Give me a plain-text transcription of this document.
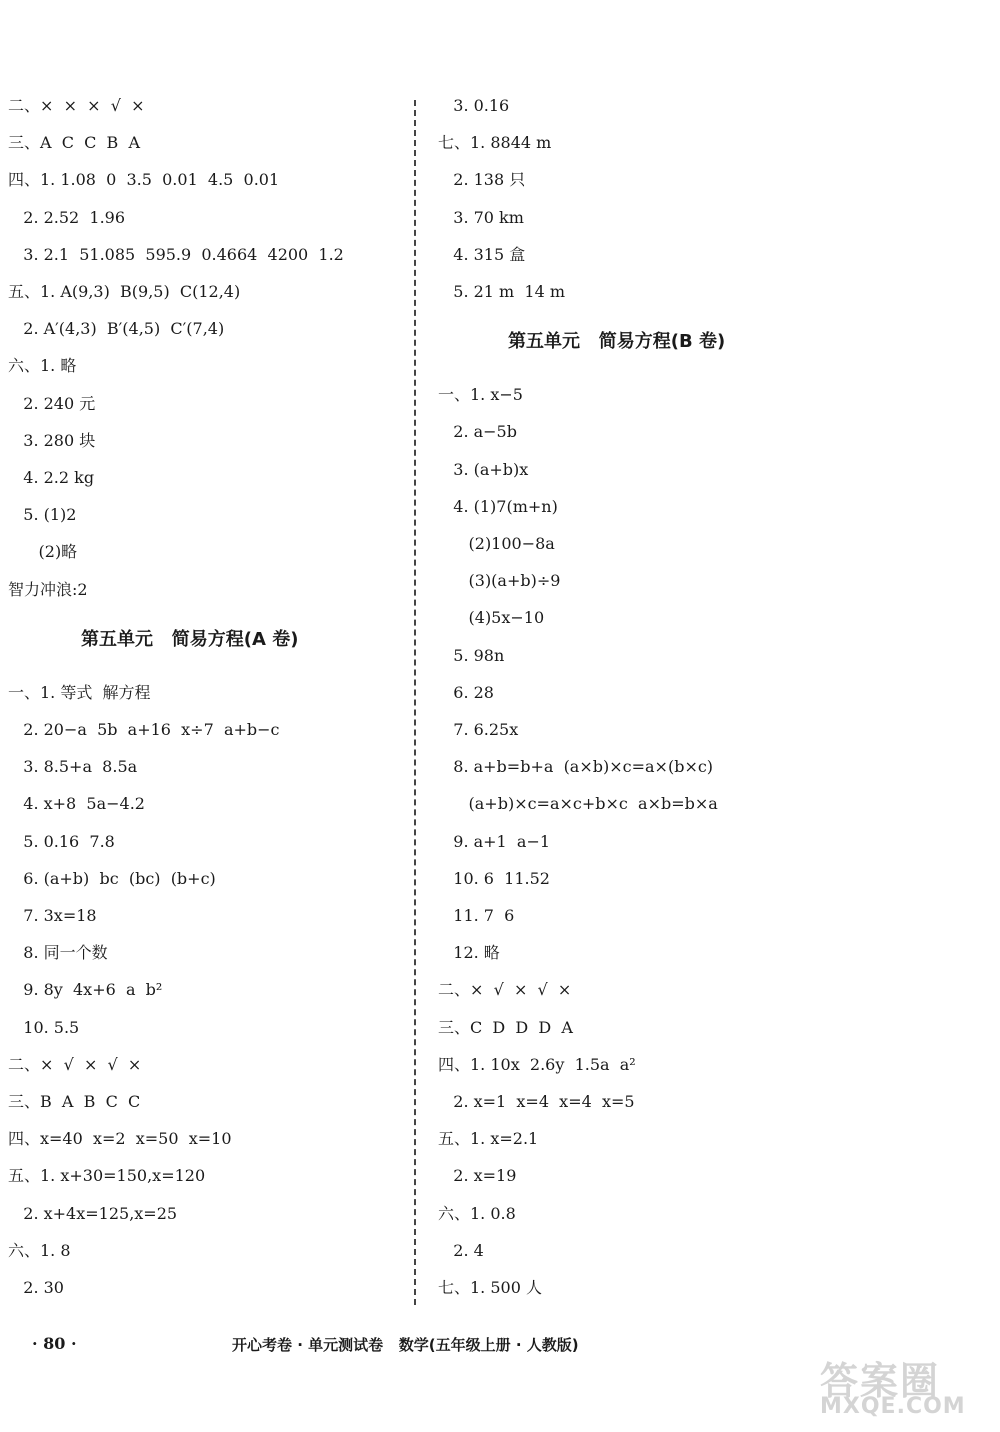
二、×  ×  ×  √  ×
三、A  C  C  B  A
四、1. 1.08  0  3.5  0.01  4.5  0.01
2. 2.52  1.96
3. 2.1  51.085  595.9  0.4664  4200  1.2
五、1. A(9,3)  B(9,5)  C(12,4)
2. A′(4,3)  B′(4,5)  C′(7,4)
六、1. 略
2. 240 元
3. 280 块
4. 2.2 kg
5. (1)2
(2)略
智力冲浪:2
第五单元   简易方程(A 卷)
一、1. 等式  解方程
2. 20−a  5b  a+16  x÷7  a+b−c
3. 8.5+a  8.5a
4. x+8  5a−4.2
5. 0.16  7.8
6. (a+b)  bc  (bc)  (b+c)
7. 3x=18
8. 同一个数
9. 8y  4x+6  a  b²
10. 5.5
二、×  √  ×  √  ×
三、B  A  B  C  C
四、x=40  x=2  x=50  x=10
五、1. x+30=150,x=120
2. x+4x=125,x=25
六、1. 8
2. 30
3. 0.16
七、1. 8844 m
2. 138 只
3. 70 km
4. 315 盒
5. 21 m  14 m
第五单元   简易方程(B 卷)
一、1. x−5
2. a−5b
3. (a+b)x
4. (1)7(m+n)
(2)100−8a
(3)(a+b)÷9
(4)5x−10
5. 98n
6. 28
7. 6.25x
8. a+b=b+a  (a×b)×c=a×(b×c)
(a+b)×c=a×c+b×c  a×b=b×a
9. a+1  a−1
10. 6  11.52
11. 7  6
12. 略
二、×  √  ×  √  ×
三、C  D  D  D  A
四、1. 10x  2.6y  1.5a  a²
2. x=1  x=4  x=4  x=5
五、1. x=2.1
2. x=19
六、1. 0.8
2. 4
七、1. 500 人
· 80 ·	开心考卷 · 单元测试卷   数学(五年级上册 · 人教版)
答案圈
MXQE.COM
